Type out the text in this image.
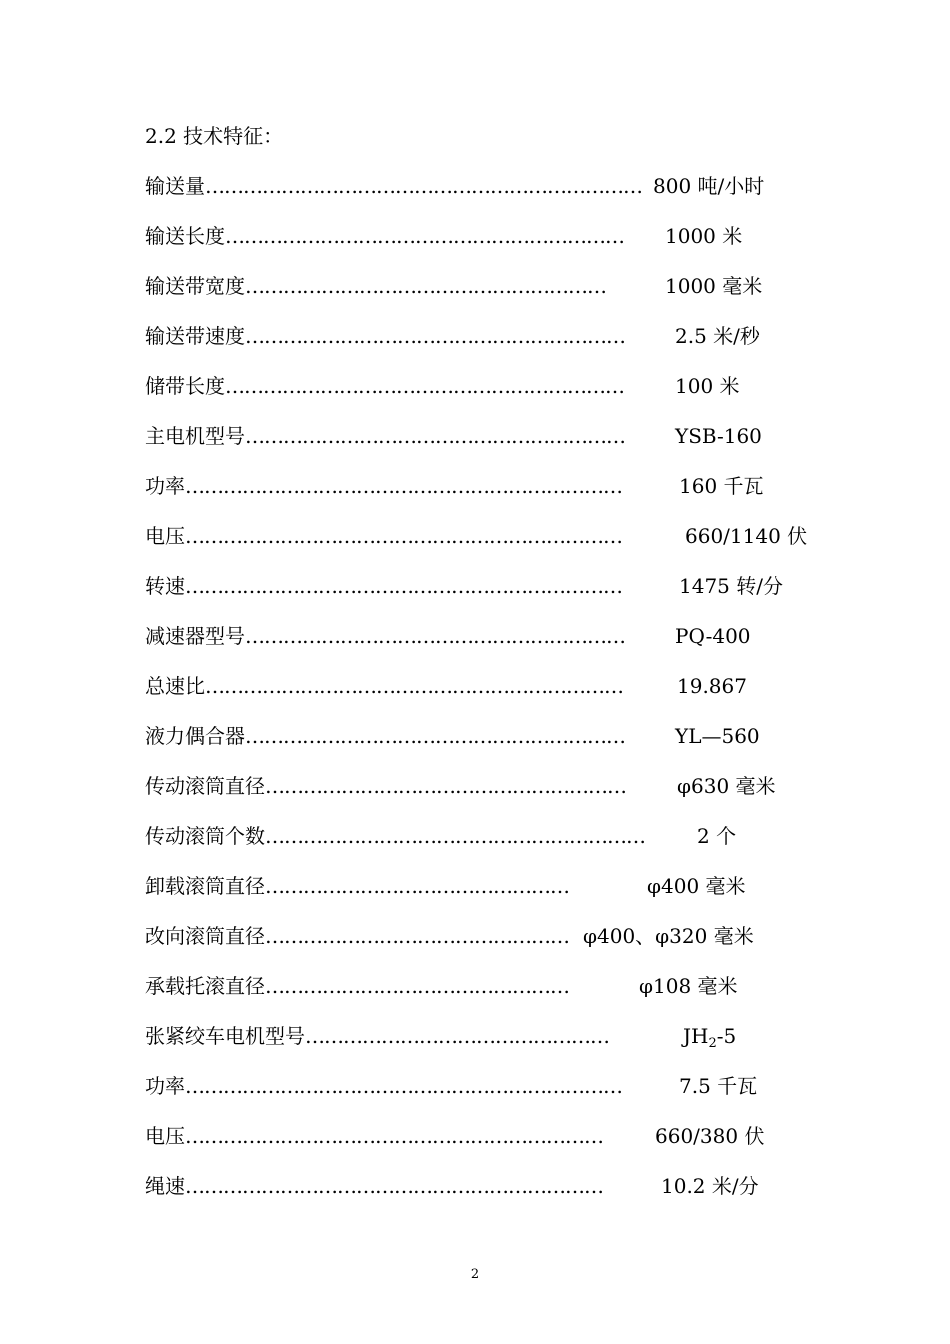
2.2 技术特征：
输送量…………………………………………………………… 800 吨/小时
输送长度……………………………………………………… 1000 米
输送带宽度…………………………………………………	1000 毫米
输送带速度……………………………………………………	2.5 米/秒
储带长度………………………………………………………	100 米
主电机型号……………………………………………………	YSB-160
功率……………………………………………………………	160 千瓦
电压……………………………………………………………	660/1140 伏
转速……………………………………………………………	1475 转/分
减速器型号……………………………………………………	PQ-400
总速比…………………………………………………………	19.867
液力偶合器……………………………………………………	YL—560
传动滚筒直径…………………………………………………	φ630 毫米
传动滚筒个数……………………………………………………	2 个
卸载滚筒直径…………………………………………	φ400 毫米
改向滚筒直径………………………………………… φ400、φ320 毫米
承载托滚直径…………………………………………	φ108 毫米
张紧绞车电机型号…………………………………………	$JH_2-5$
功率……………………………………………………………	7.5 千瓦
电压…………………………………………………………	660/380 伏
绳速…………………………………………………………	10.2 米/分
2
